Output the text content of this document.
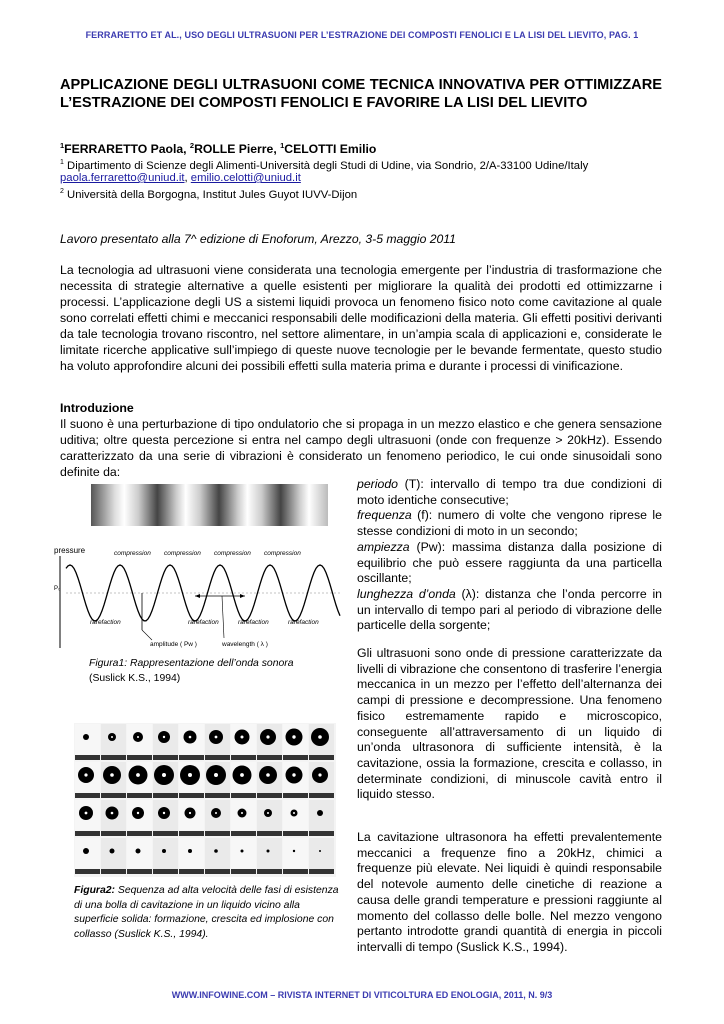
FERRARETTO ET AL., USO DEGLI ULTRASUONI PER L’ESTRAZIONE DEI COMPOSTI FENOLICI E LA LISI DEL LIEVITO, PAG. 1
APPLICAZIONE DEGLI ULTRASUONI COME TECNICA INNOVATIVA PER OTTIMIZZARE L’ESTRAZIONE DEI COMPOSTI FENOLICI E FAVORIRE LA LISI DEL LIEVITO
$^1$FERRARETTO Paola, $^2$ROLLE Pierre, $^1$CELOTTI Emilio
$^1$ Dipartimento di Scienze degli Alimenti-Università degli Studi di Udine, via Sondrio, 2/A-33100 Udine/Italy
paola.ferraretto@uniud.it, emilio.celotti@uniud.it
$^2$ Università della Borgogna, Institut Jules Guyot IUVV-Dijon
Lavoro presentato alla 7^ edizione di Enoforum, Arezzo, 3-5 maggio 2011
La tecnologia ad ultrasuoni viene considerata una tecnologia emergente per l’industria di trasformazione che necessita di strategie alternative a quelle esistenti per migliorare la qualità dei prodotti ed ottimizzarne i processi. L’applicazione degli US a sistemi liquidi provoca un fenomeno fisico noto come cavitazione al quale sono correlati effetti chimi e meccanici responsabili delle modificazioni della materia. Gli effetti positivi derivanti da tale tecnologia trovano riscontro, nel settore alimentare, in un’ampia scala di applicazioni e, considerate le limitate ricerche applicative sull’impiego di queste nuove tecnologie per le bevande fermentate, questo studio ha voluto approfondire alcuni dei possibili effetti sulla materia prima e durante i processi di vinificazione.
Introduzione
Il suono è una perturbazione di tipo ondulatorio che si propaga in un mezzo elastico e che genera sensazione uditiva; oltre questa percezione si entra nel campo degli ultrasuoni (onde con frequenze > 20kHz). Essendo caratterizzato da una serie di vibrazioni è considerato un fenomeno periodico, le cui onde sinusoidali sono definite da:
periodo (T): intervallo di tempo tra due condizioni di moto identiche consecutive;
frequenza (f): numero di volte che vengono riprese le stesse condizioni di moto in un secondo;
ampiezza (Pw): massima distanza dalla posizione di equilibrio che può essere raggiunta da una particella oscillante;
lunghezza d’onda (λ): distanza che l’onda percorre in un intervallo di tempo pari al periodo di vibrazione delle particelle della sorgente;
Gli ultrasuoni sono onde di pressione caratterizzate da livelli di vibrazione che consentono di trasferire l’energia meccanica in un mezzo per l’effetto dell’alternanza dei campi di pressione e decompressione. Una fenomeno fisico estremamente rapido e microscopico, conseguente all’attraversamento di un liquido di un’onda ultrasonora di sufficiente intensità, è la cavitazione, ossia la formazione, crescita e collasso, in determinate condizioni, di minuscole cavità entro il liquido stesso.
La cavitazione ultrasonora ha effetti prevalentemente meccanici a frequenze fino a 20kHz, chimici a frequenze più elevate. Nei liquidi è quindi responsabile del notevole aumento delle cinetiche di reazione a causa delle grandi temperature e pressioni raggiunte al momento del collasso delle bolle. Nel mezzo vengono pertanto introdotte grandi quantità di energia in piccoli intervalli di tempo (Suslick K.S., 1994).
pressure
P₀
compression compression compression compression
rarefaction	rarefaction	rarefaction	rarefaction
amplitude ( Pw )	wavelength ( λ )
Figura1: Rappresentazione dell’onda sonora
(Suslick K.S., 1994)
Figura2: Sequenza ad alta velocità delle fasi di esistenza di una bolla di cavitazione in un liquido vicino alla superficie solida: formazione, crescita ed implosione con collasso (Suslick K.S., 1994).
WWW.INFOWINE.COM – RIVISTA INTERNET DI VITICOLTURA ED ENOLOGIA, 2011, N. 9/3
